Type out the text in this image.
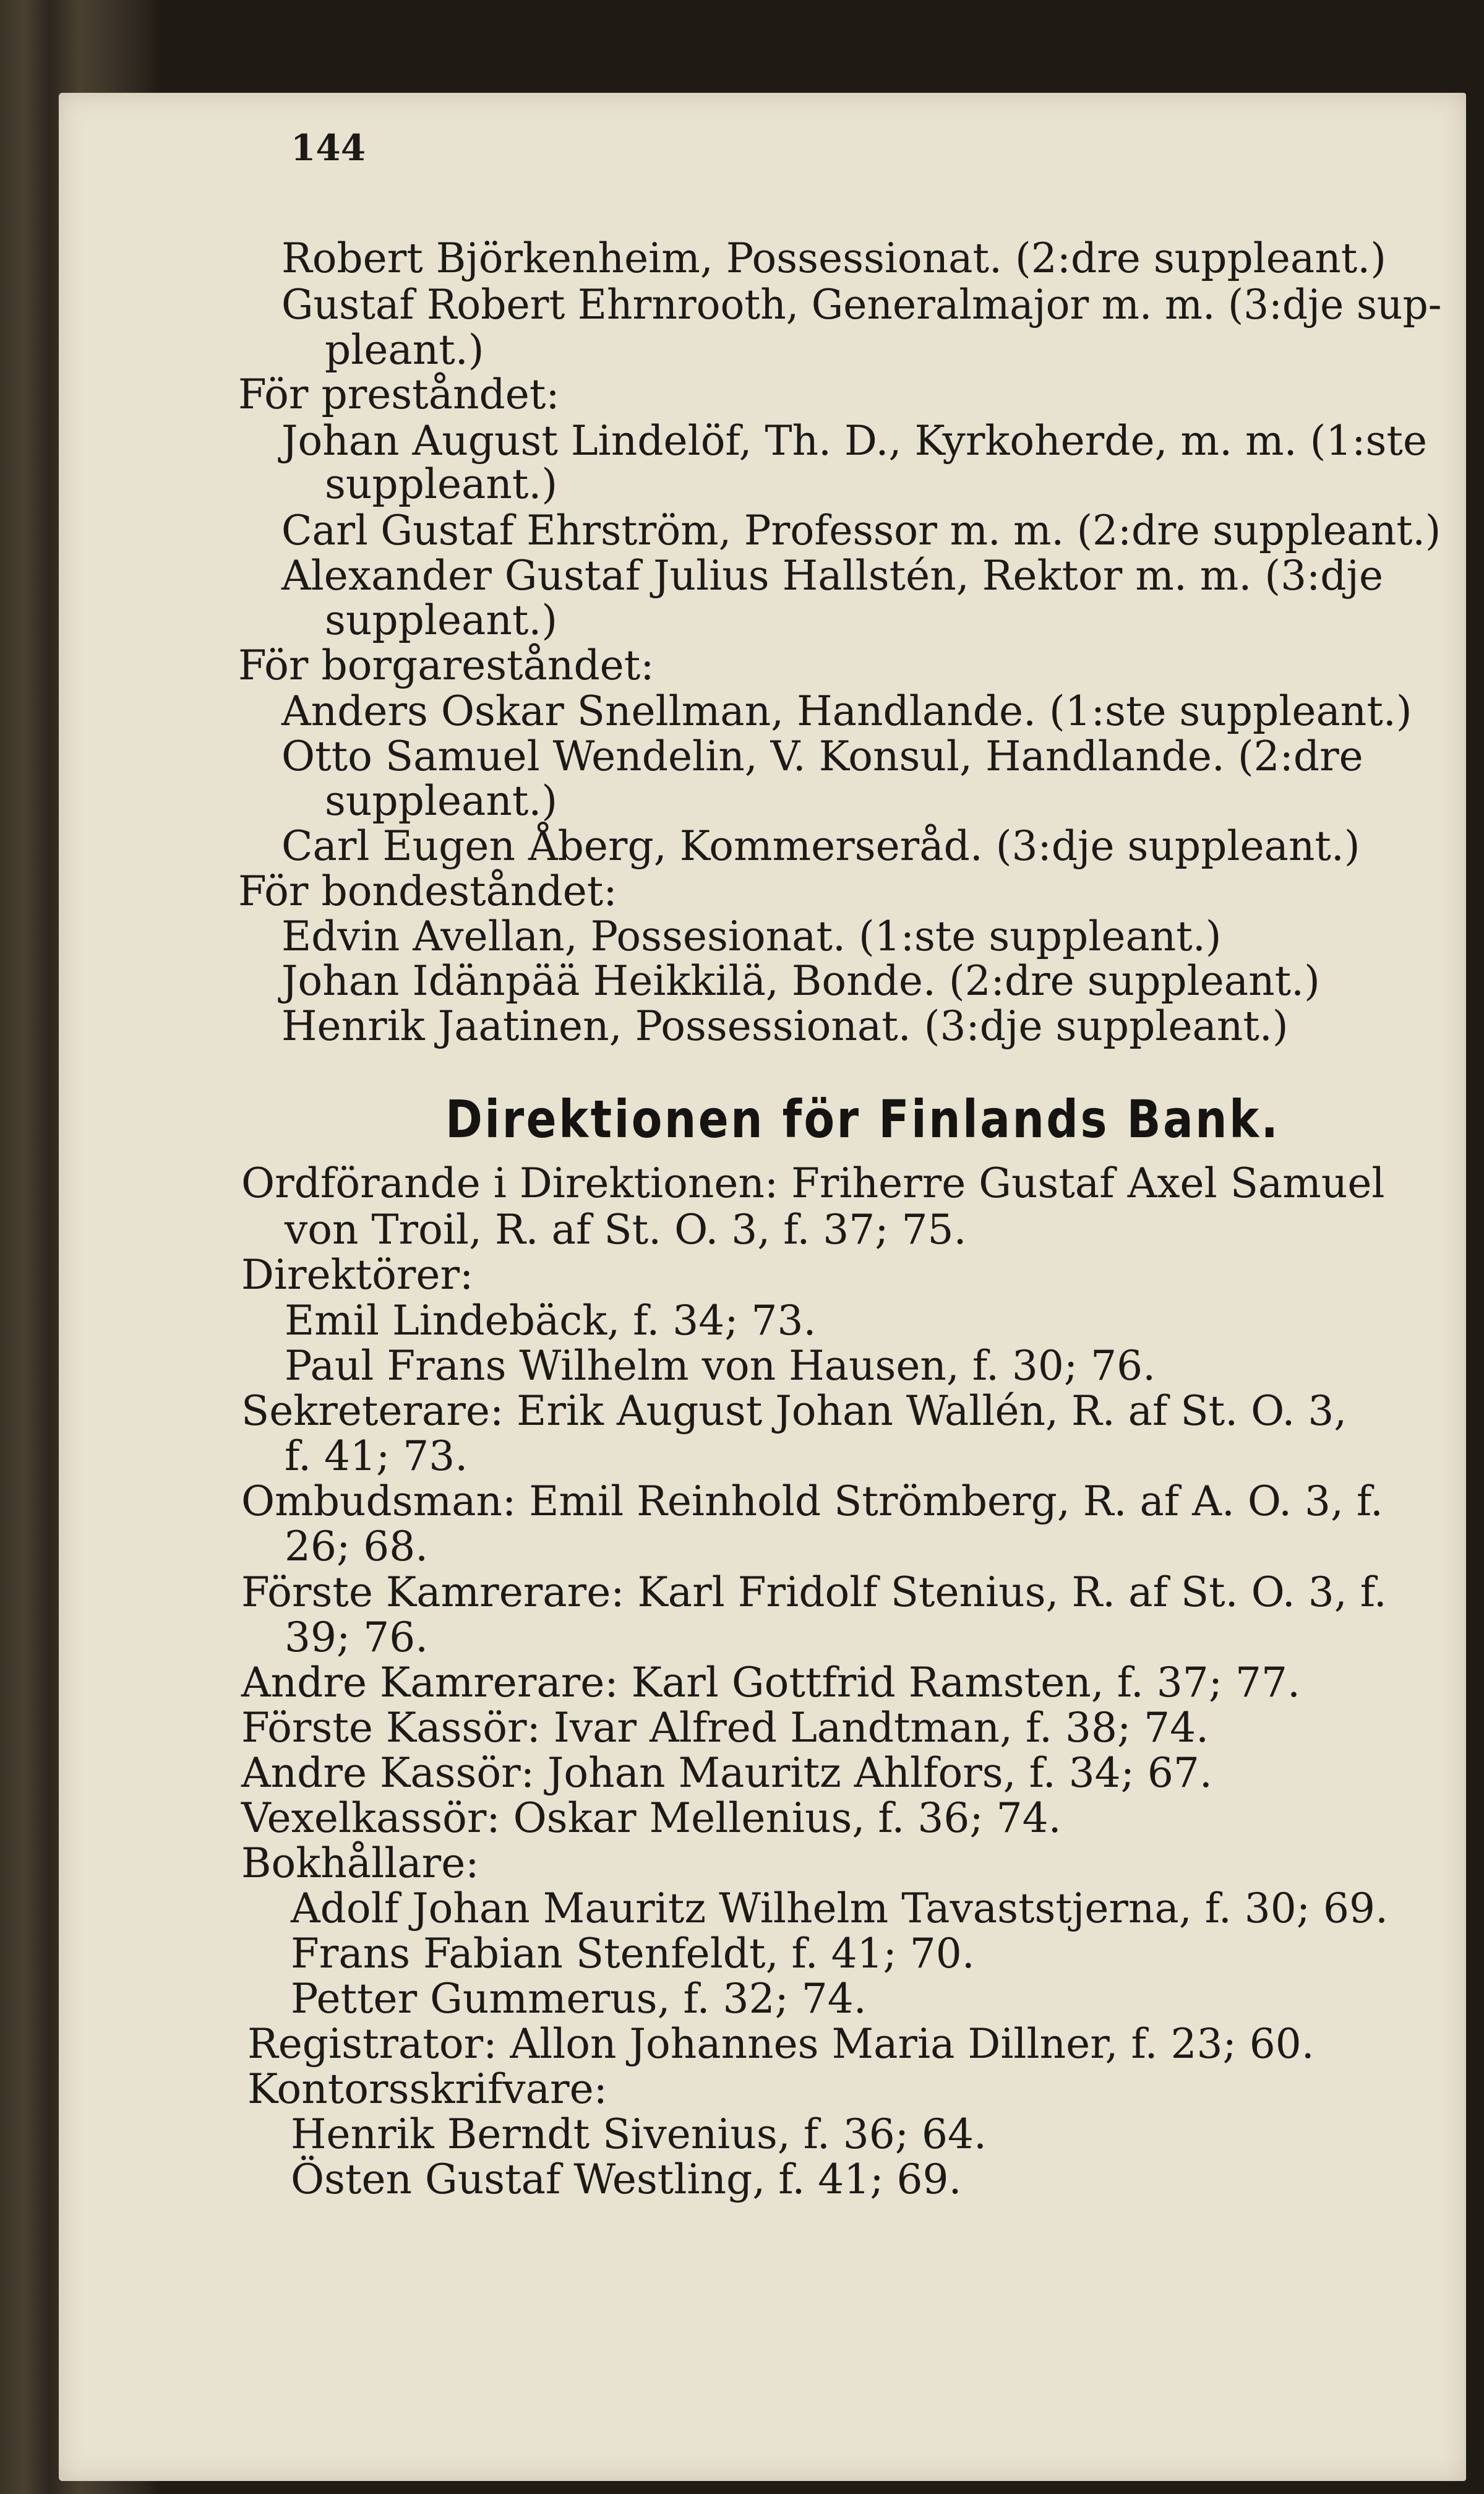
144
Robert Björkenheim, Possessionat. (2:dre suppleant.)
Gustaf Robert Ehrnrooth, Generalmajor m. m. (3:dje sup-
pleant.)
För preståndet:
Johan August Lindelöf, Th. D., Kyrkoherde, m. m. (1:ste
suppleant.)
Carl Gustaf Ehrström, Professor m. m. (2:dre suppleant.)
Alexander Gustaf Julius Hallstén, Rektor m. m. (3:dje
suppleant.)
För borgareståndet:
Anders Oskar Snellman, Handlande. (1:ste suppleant.)
Otto Samuel Wendelin, V. Konsul, Handlande. (2:dre
suppleant.)
Carl Eugen Åberg, Kommerseråd. (3:dje suppleant.)
För bondeståndet:
Edvin Avellan, Possesionat. (1:ste suppleant.)
Johan Idänpää Heikkilä, Bonde. (2:dre suppleant.)
Henrik Jaatinen, Possessionat. (3:dje suppleant.)
Direktionen för Finlands Bank.
Ordförande i Direktionen: Friherre Gustaf Axel Samuel
von Troil, R. af St. O. 3, f. 37; 75.
Direktörer:
Emil Lindebäck, f. 34; 73.
Paul Frans Wilhelm von Hausen, f. 30; 76.
Sekreterare: Erik August Johan Wallén, R. af St. O. 3,
f. 41; 73.
Ombudsman: Emil Reinhold Strömberg, R. af A. O. 3, f.
26; 68.
Förste Kamrerare: Karl Fridolf Stenius, R. af St. O. 3, f.
39; 76.
Andre Kamrerare: Karl Gottfrid Ramsten, f. 37; 77.
Förste Kassör: Ivar Alfred Landtman, f. 38; 74.
Andre Kassör: Johan Mauritz Ahlfors, f. 34; 67.
Vexelkassör: Oskar Mellenius, f. 36; 74.
Bokhållare:
Adolf Johan Mauritz Wilhelm Tavaststjerna, f. 30; 69.
Frans Fabian Stenfeldt, f. 41; 70.
Petter Gummerus, f. 32; 74.
Registrator: Allon Johannes Maria Dillner, f. 23; 60.
Kontorsskrifvare:
Henrik Berndt Sivenius, f. 36; 64.
Östen Gustaf Westling, f. 41; 69.
